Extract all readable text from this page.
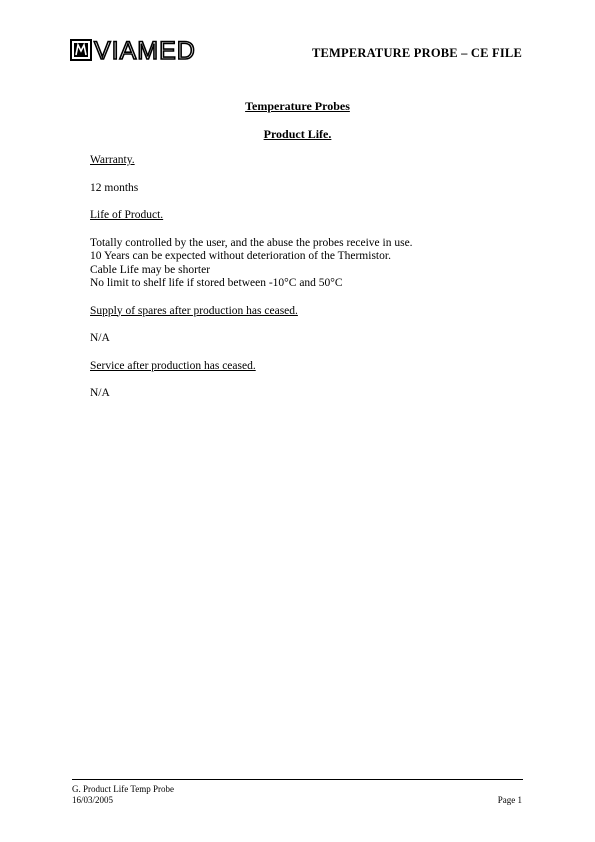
VIAMED	TEMPERATURE PROBE – CE FILE
Temperature Probes
Product Life.

Warranty.

12 months

Life of Product.

Totally controlled by the user, and the abuse the probes receive in use.

10 Years can be expected without deterioration of the Thermistor.

Cable Life may be shorter

No limit to shelf life if stored between -10°C and 50°C

Supply of spares after production has ceased.

N/A

Service after production has ceased.

N/A

G. Product Life Temp Probe
16/03/2005	Page 1
